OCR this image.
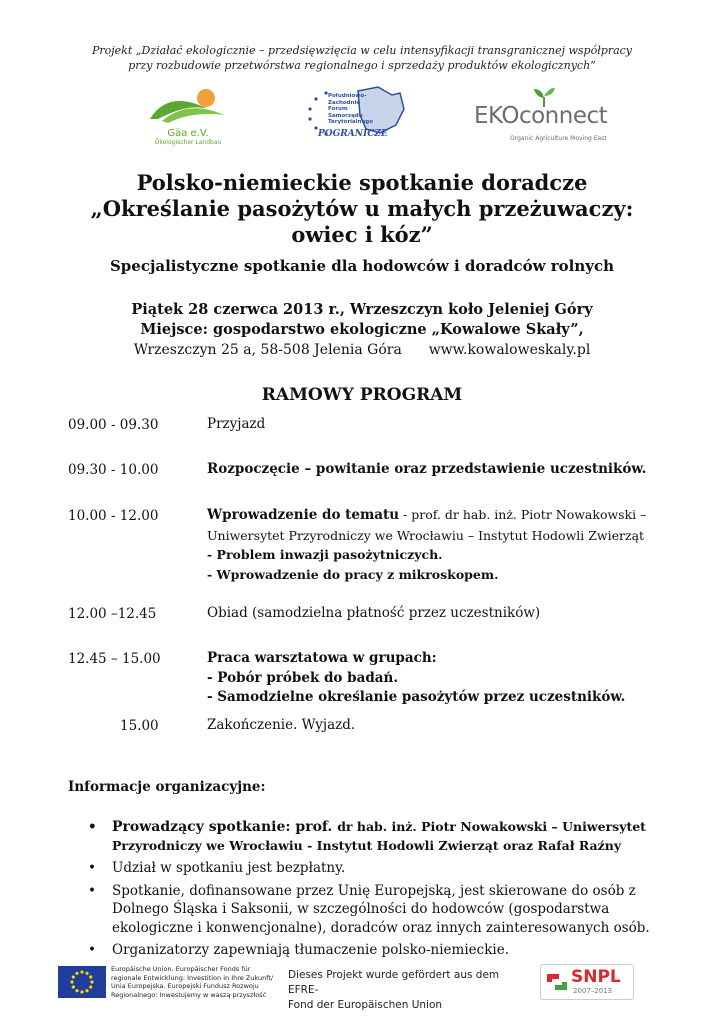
Projekt „Działać ekologicznie – przedsięwzięcia w celu intensyfikacji transgranicznej współpracy
przy rozbudowie przetwórstwa regionalnego i sprzedaży produktów ekologicznych”
Gäa e.V.
Ökologischer Landbau
Południowo-
Zachodnie
Forum
Samorządu
Terytorialnego
POGRANICZE
EKOconnect
Organic Agriculture Moving East
Polsko-niemieckie spotkanie doradcze
„Określanie pasożytów u małych przeżuwaczy:
owiec i kóz”
Specjalistyczne spotkanie dla hodowców i doradców rolnych
Piątek 28 czerwca 2013 r., Wrzeszczyn koło Jeleniej Góry
Miejsce: gospodarstwo ekologiczne „Kowalowe Skały”,
Wrzeszczyn 25 a, 58-508 Jelenia Góra www.kowaloweskaly.pl
RAMOWY PROGRAM
09.00 - 09.30	Przyjazd
09.30 - 10.00	Rozpoczęcie – powitanie oraz przedstawienie uczestników.
10.00 - 12.00	Wprowadzenie do tematu - prof. dr hab. inż. Piotr Nowakowski –
Uniwersytet Przyrodniczy we Wrocławiu – Instytut Hodowli Zwierząt
- Problem inwazji pasożytniczych.
- Wprowadzenie do pracy z mikroskopem.
12.00 –12.45	Obiad (samodzielna płatność przez uczestników)
12.45 – 15.00	Praca warsztatowa w grupach:
- Pobór próbek do badań.
- Samodzielne określanie pasożytów przez uczestników.
15.00	Zakończenie. Wyjazd.
Informacje organizacyjne:
• Prowadzący spotkanie: prof. dr hab. inż. Piotr Nowakowski – Uniwersytet Przyrodniczy we Wrocławiu - Instytut Hodowli Zwierząt oraz Rafał Raźny
• Udział w spotkaniu jest bezpłatny.
• Spotkanie, dofinansowane przez Unię Europejską, jest skierowane do osób z Dolnego Śląska i Saksonii, w szczególności do hodowców (gospodarstwa ekologiczne i konwencjonalne), doradców oraz innych zainteresowanych osób.
• Organizatorzy zapewniają tłumaczenie polsko-niemieckie.
Europäische Union. Europäischer Fonds für
regionale Entwicklung: Investition in Ihre Zukunft/
Unia Europejska. Europejski Fundusz Rozwoju
Regionalnego: Inwestujemy w waszą przyszłość
Dieses Projekt wurde gefördert aus dem EFRE-
Fond der Europäischen Union
SNPL
2007–2013
